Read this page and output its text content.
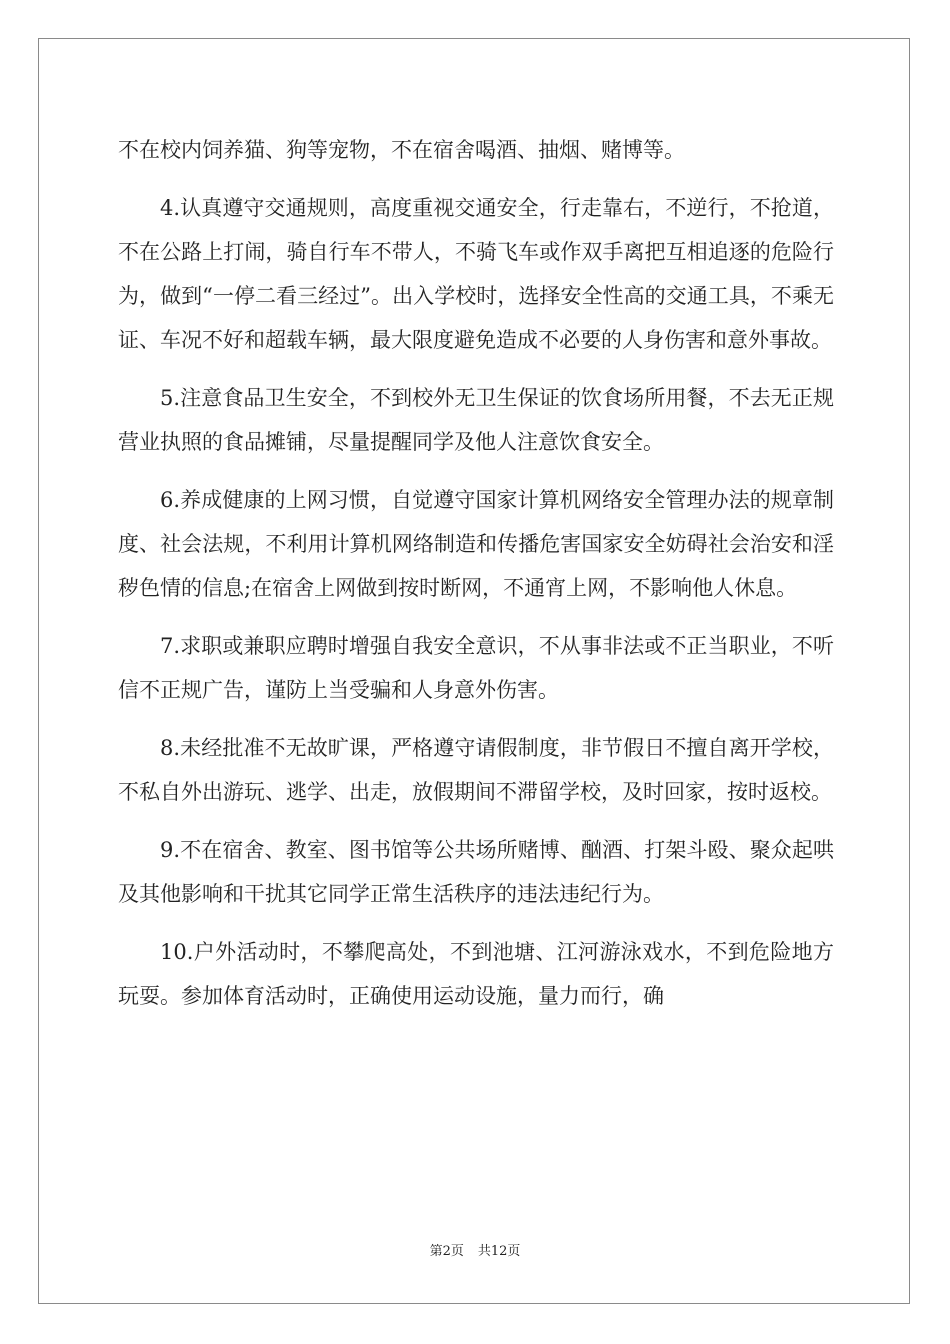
不在校内饲养猫、狗等宠物，不在宿舍喝酒、抽烟、赌博等。

4.认真遵守交通规则，高度重视交通安全，行走靠右，不逆行，不抢道，不在公路上打闹，骑自行车不带人，不骑飞车或作双手离把互相追逐的危险行为，做到“一停二看三经过”。出入学校时，选择安全性高的交通工具，不乘无证、车况不好和超载车辆，最大限度避免造成不必要的人身伤害和意外事故。

5.注意食品卫生安全，不到校外无卫生保证的饮食场所用餐，不去无正规营业执照的食品摊铺，尽量提醒同学及他人注意饮食安全。

6.养成健康的上网习惯，自觉遵守国家计算机网络安全管理办法的规章制度、社会法规，不利用计算机网络制造和传播危害国家安全妨碍社会治安和淫秽色情的信息;在宿舍上网做到按时断网，不通宵上网，不影响他人休息。

7.求职或兼职应聘时增强自我安全意识，不从事非法或不正当职业，不听信不正规广告，谨防上当受骗和人身意外伤害。

8.未经批准不无故旷课，严格遵守请假制度，非节假日不擅自离开学校，不私自外出游玩、逃学、出走，放假期间不滞留学校，及时回家，按时返校。

9.不在宿舍、教室、图书馆等公共场所赌博、酗酒、打架斗殴、聚众起哄及其他影响和干扰其它同学正常生活秩序的违法违纪行为。

10.户外活动时，不攀爬高处，不到池塘、江河游泳戏水，不到危险地方玩耍。参加体育活动时，正确使用运动设施，量力而行，确

第2页 共12页
